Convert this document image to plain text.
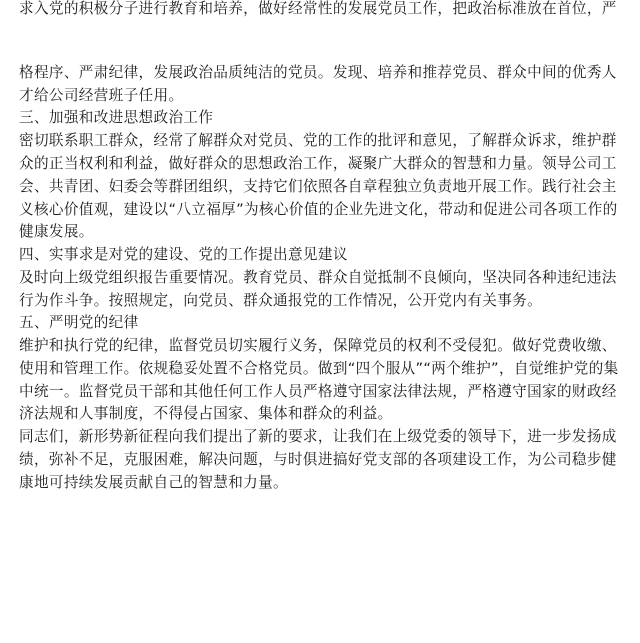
求入党的积极分子进行教育和培养，做好经常性的发展党员工作，把政治标准放在首位，严
格程序、严肃纪律，发展政治品质纯洁的党员。发现、培养和推荐党员、群众中间的优秀人
才给公司经营班子任用。
三、加强和改进思想政治工作
密切联系职工群众，经常了解群众对党员、党的工作的批评和意见，了解群众诉求，维护群
众的正当权利和利益，做好群众的思想政治工作，凝聚广大群众的智慧和力量。领导公司工
会、共青团、妇委会等群团组织，支持它们依照各自章程独立负责地开展工作。践行社会主
义核心价值观，建设以“八立福厚”为核心价值的企业先进文化，带动和促进公司各项工作的
健康发展。
四、实事求是对党的建设、党的工作提出意见建议
及时向上级党组织报告重要情况。教育党员、群众自觉抵制不良倾向，坚决同各种违纪违法
行为作斗争。按照规定，向党员、群众通报党的工作情况，公开党内有关事务。
五、严明党的纪律
维护和执行党的纪律，监督党员切实履行义务，保障党员的权利不受侵犯。做好党费收缴、
使用和管理工作。依规稳妥处置不合格党员。做到“四个服从”“两个维护”，自觉维护党的集
中统一。监督党员干部和其他任何工作人员严格遵守国家法律法规，严格遵守国家的财政经
济法规和人事制度，不得侵占国家、集体和群众的利益。
同志们，新形势新征程向我们提出了新的要求，让我们在上级党委的领导下，进一步发扬成
绩，弥补不足，克服困难，解决问题，与时俱进搞好党支部的各项建设工作，为公司稳步健
康地可持续发展贡献自己的智慧和力量。
